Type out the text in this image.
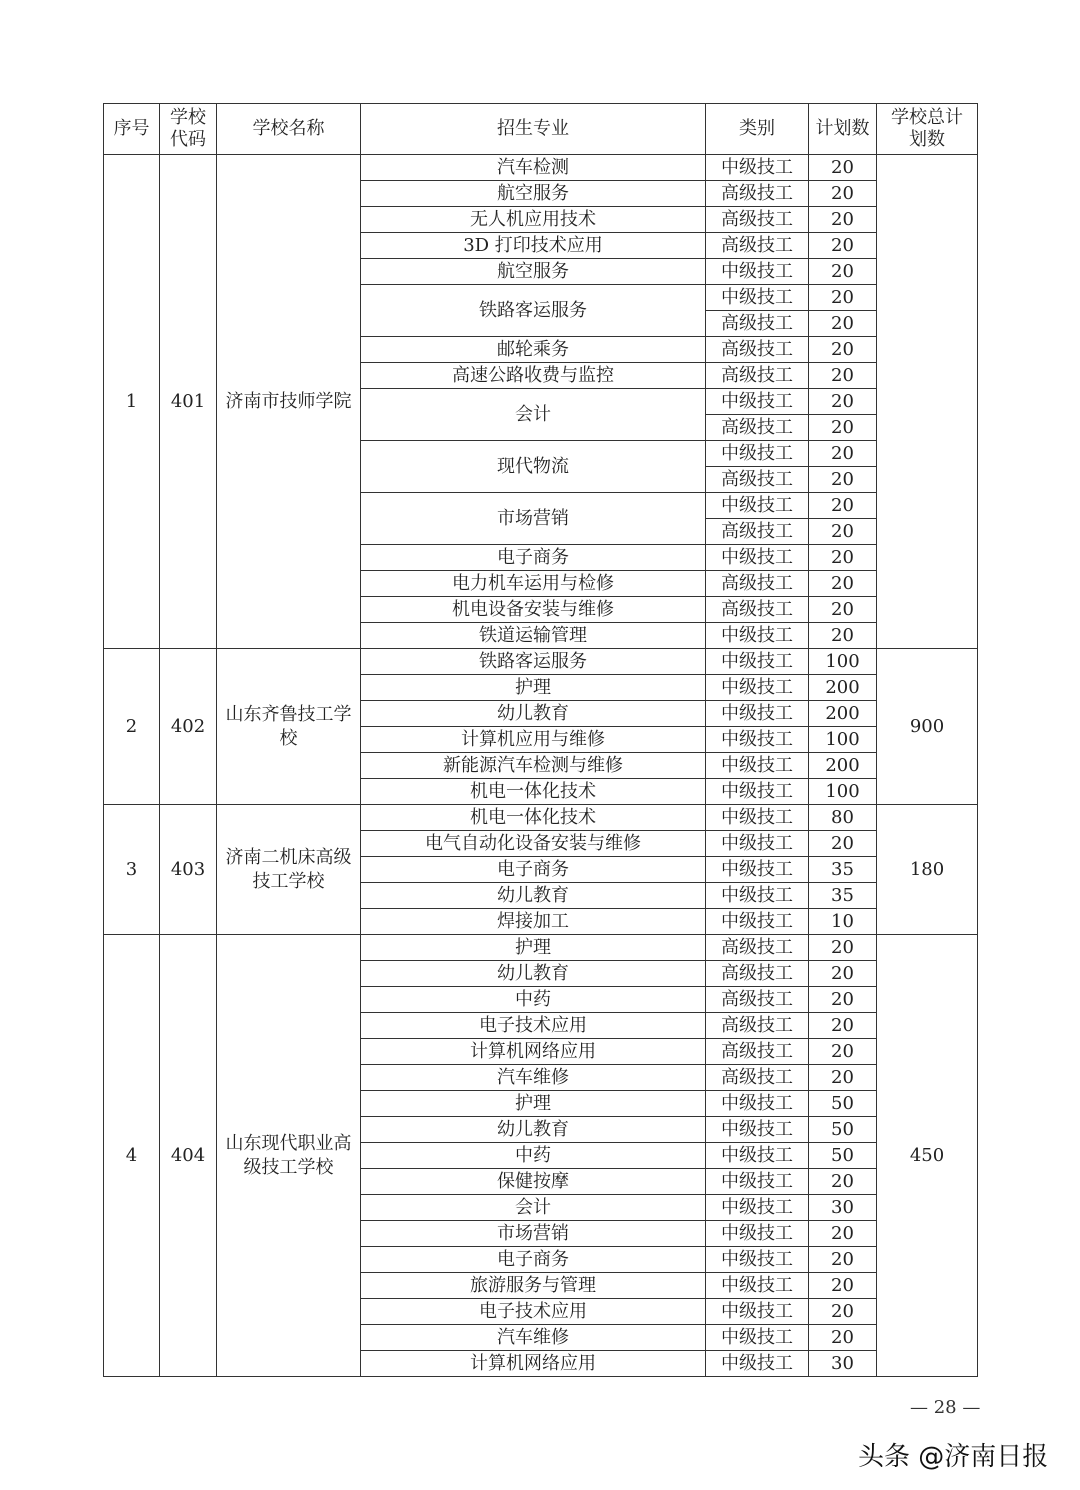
序号	学校代码	学校名称	招生专业	类别	计划数	学校总计划数
1	401	济南市技师学院	汽车检测	中级技工	20	
			航空服务	高级技工	20	
			无人机应用技术	高级技工	20	
			3D 打印技术应用	高级技工	20	
			航空服务	中级技工	20	
			铁路客运服务	中级技工	20	
				高级技工	20	
			邮轮乘务	高级技工	20	
			高速公路收费与监控	高级技工	20	
			会计	中级技工	20	
				高级技工	20	
			现代物流	中级技工	20	
				高级技工	20	
			市场营销	中级技工	20	
				高级技工	20	
			电子商务	中级技工	20	
			电力机车运用与检修	高级技工	20	
			机电设备安装与维修	高级技工	20	
			铁道运输管理	中级技工	20	
2	402	山东齐鲁技工学校	铁路客运服务	中级技工	100	900
			护理	中级技工	200	
			幼儿教育	中级技工	200	
			计算机应用与维修	中级技工	100	
			新能源汽车检测与维修	中级技工	200	
			机电一体化技术	中级技工	100	
3	403	济南二机床高级技工学校	机电一体化技术	中级技工	80	180
			电气自动化设备安装与维修	中级技工	20	
			电子商务	中级技工	35	
			幼儿教育	中级技工	35	
			焊接加工	中级技工	10	
4	404	山东现代职业高级技工学校	护理	高级技工	20	450
			幼儿教育	高级技工	20	
			中药	高级技工	20	
			电子技术应用	高级技工	20	
			计算机网络应用	高级技工	20	
			汽车维修	高级技工	20	
			护理	中级技工	50	
			幼儿教育	中级技工	50	
			中药	中级技工	50	
			保健按摩	中级技工	20	
			会计	中级技工	30	
			市场营销	中级技工	20	
			电子商务	中级技工	20	
			旅游服务与管理	中级技工	20	
			电子技术应用	中级技工	20	
			汽车维修	中级技工	20	
			计算机网络应用	中级技工	30	
— 28 —
头条 @济南日报
